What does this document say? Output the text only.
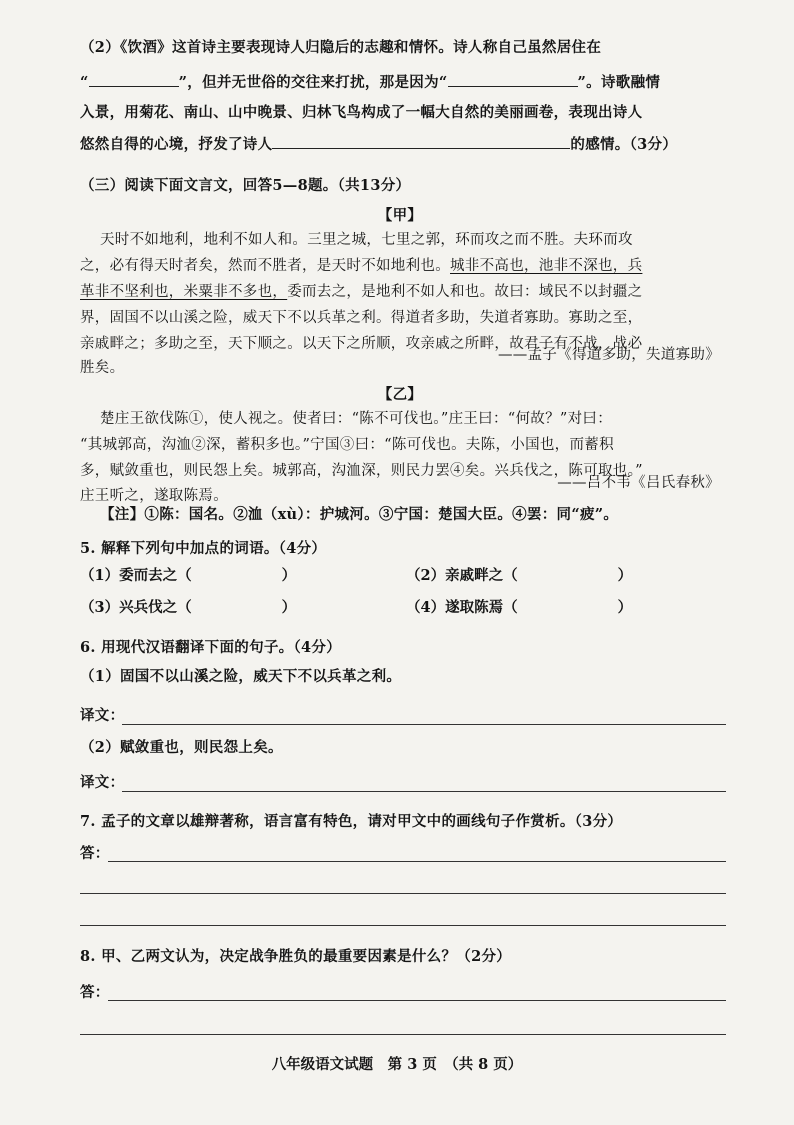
（2）《饮酒》这首诗主要表现诗人归隐后的志趣和情怀。诗人称自己虽然居住在
“	”，但并无世俗的交往来打扰，那是因为“	”。诗歌融情
入景，用菊花、南山、山中晚景、归林飞鸟构成了一幅大自然的美丽画卷，表现出诗人
悠然自得的心境，抒发了诗人	的感情。（3分）
（三）阅读下面文言文，回答5—8题。（共13分）
【甲】
天时不如地利，地利不如人和。三里之城，七里之郭，环而攻之而不胜。夫环而攻
之，必有得天时者矣，然而不胜者，是天时不如地利也。城非不高也，池非不深也，兵
革非不坚利也，米粟非不多也，委而去之，是地利不如人和也。故曰：域民不以封疆之
界，固国不以山溪之险，威天下不以兵革之利。得道者多助，失道者寡助。寡助之至，
亲戚畔之；多助之至，天下顺之。以天下之所顺，攻亲戚之所畔，故君子有不战，战必
胜矣。
——孟子《得道多助，失道寡助》
【乙】
楚庄王欲伐陈①，使人视之。使者曰：“陈不可伐也。”庄王曰：“何故？”对曰：
“其城郭高，沟洫②深，蓄积多也。”宁国③曰：“陈可伐也。夫陈，小国也，而蓄积
多，赋敛重也，则民怨上矣。城郭高，沟洫深，则民力罢④矣。兴兵伐之，陈可取也。”
庄王听之，遂取陈焉。
——吕不韦《吕氏春秋》
【注】①陈：国名。②洫（xù）：护城河。③宁国：楚国大臣。④罢：同“疲”。
5. 解释下列句中加点的词语。（4分）
（1）委而去之（	）	（2）亲戚畔之（	）
（3）兴兵伐之（	）	（4）遂取陈焉（	）
6. 用现代汉语翻译下面的句子。（4分）
（1）固国不以山溪之险，威天下不以兵革之利。
译文：
（2）赋敛重也，则民怨上矣。
译文：
7. 孟子的文章以雄辩著称，语言富有特色，请对甲文中的画线句子作赏析。（3分）
答：
8. 甲、乙两文认为，决定战争胜负的最重要因素是什么？（2分）
答：
八年级语文试题　第 3 页　（共 8 页）
